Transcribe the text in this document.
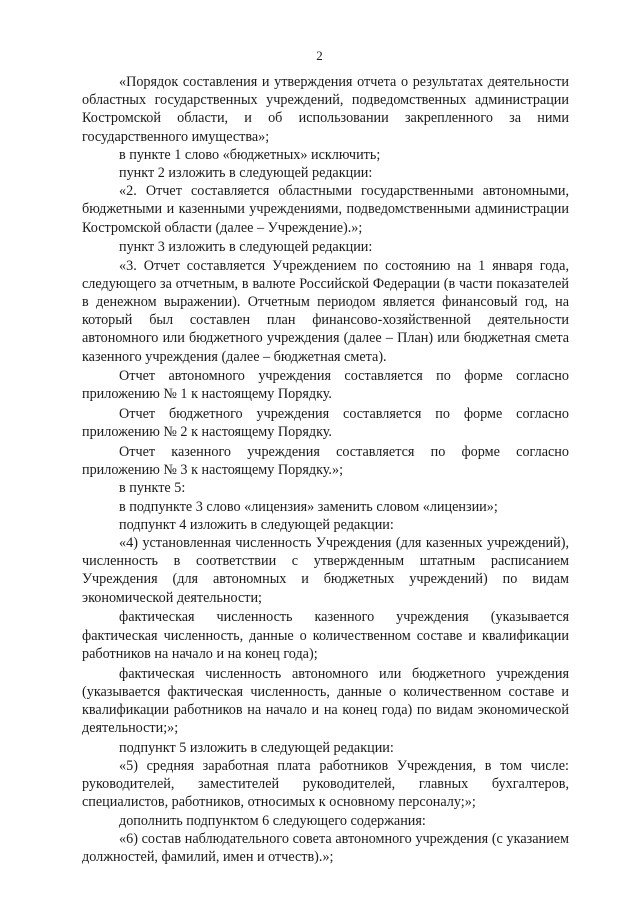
2

«Порядок составления и утверждения отчета о результатах деятельности областных государственных учреждений, подведомственных администрации Костромской области, и об использовании закрепленного за ними государственного имущества»;

в пункте 1 слово «бюджетных» исключить;

пункт 2 изложить в следующей редакции:

«2. Отчет составляется областными государственными автономными, бюджетными и казенными учреждениями, подведомственными администрации Костромской области (далее – Учреждение).»;

пункт 3 изложить в следующей редакции:

«3. Отчет составляется Учреждением по состоянию на 1 января года, следующего за отчетным, в валюте Российской Федерации (в части показателей в денежном выражении). Отчетным периодом является финансовый год, на который был составлен план финансово-хозяйственной деятельности автономного или бюджетного учреждения (далее – План) или бюджетная смета казенного учреждения (далее – бюджетная смета).

Отчет автономного учреждения составляется по форме согласно приложению № 1 к настоящему Порядку.

Отчет бюджетного учреждения составляется по форме согласно приложению № 2 к настоящему Порядку.

Отчет казенного учреждения составляется по форме согласно приложению № 3 к настоящему Порядку.»;

в пункте 5:

в подпункте 3 слово «лицензия» заменить словом «лицензии»;

подпункт 4 изложить в следующей редакции:

«4) установленная численность Учреждения (для казенных учреждений), численность в соответствии с утвержденным штатным расписанием Учреждения (для автономных и бюджетных учреждений) по видам экономической деятельности;

фактическая численность казенного учреждения (указывается фактическая численность, данные о количественном составе и квалификации работников на начало и на конец года);

фактическая численность автономного или бюджетного учреждения (указывается фактическая численность, данные о количественном составе и квалификации работников на начало и на конец года) по видам экономической деятельности;»;

подпункт 5 изложить в следующей редакции:

«5) средняя заработная плата работников Учреждения, в том числе: руководителей, заместителей руководителей, главных бухгалтеров, специалистов, работников, относимых к основному персоналу;»;

дополнить подпунктом 6 следующего содержания:

«6) состав наблюдательного совета автономного учреждения (с указанием должностей, фамилий, имен и отчеств).»;
